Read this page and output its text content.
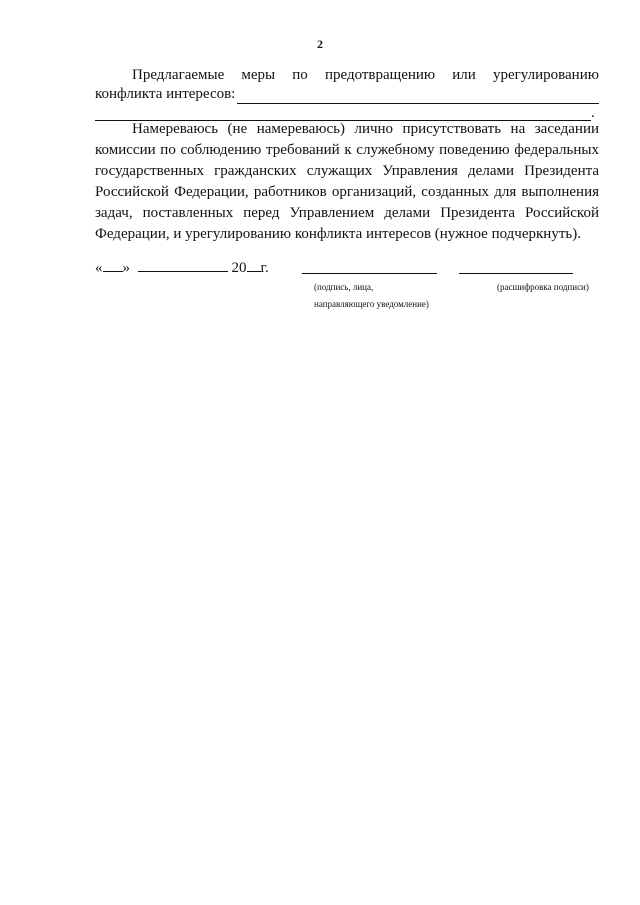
2
Предлагаемые меры по предотвращению или урегулированию
конфликта интересов:
.
Намереваюсь (не намереваюсь) лично присутствовать на заседании комиссии по соблюдению требований к служебному поведению федеральных государственных гражданских служащих Управления делами Президента Российской Федерации, работников организаций, созданных для выполнения задач, поставленных перед Управлением делами Президента Российской Федерации, и урегулированию конфликта интересов (нужное подчеркнуть).
« »	20 г.
(подпись, лица,	(расшифровка подписи)
направляющего уведомление)
